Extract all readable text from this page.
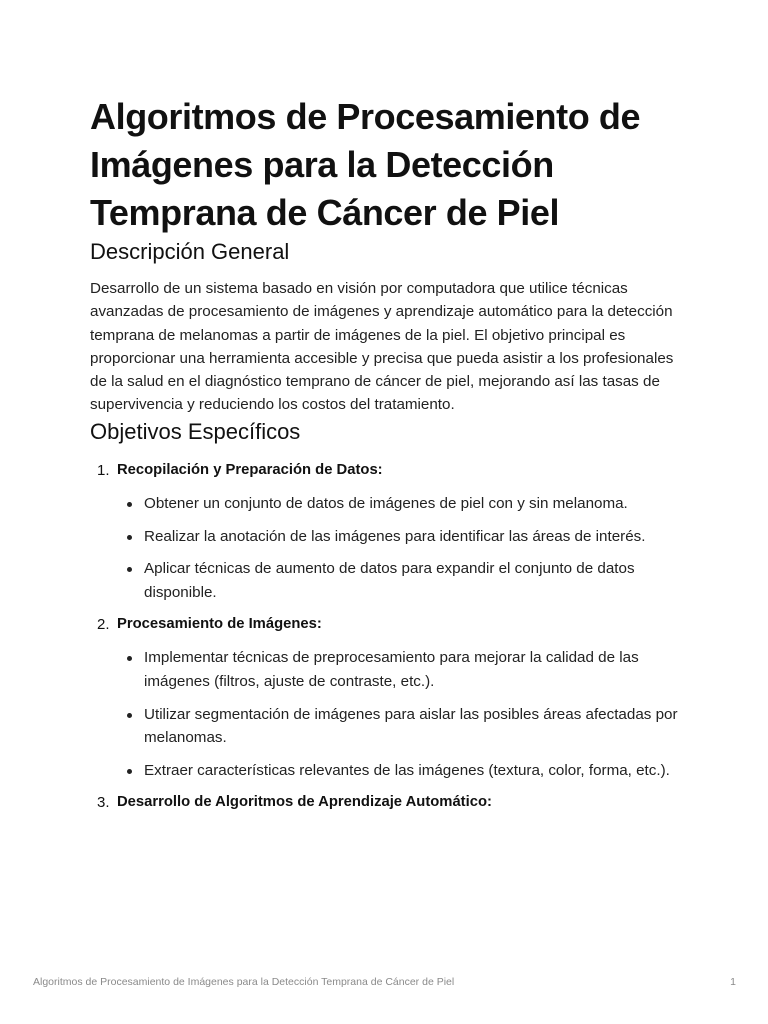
Algoritmos de Procesamiento de Imágenes para la Detección Temprana de Cáncer de Piel
Descripción General

Desarrollo de un sistema basado en visión por computadora que utilice técnicas avanzadas de procesamiento de imágenes y aprendizaje automático para la detección temprana de melanomas a partir de imágenes de la piel. El objetivo principal es proporcionar una herramienta accesible y precisa que pueda asistir a los profesionales de la salud en el diagnóstico temprano de cáncer de piel, mejorando así las tasas de supervivencia y reduciendo los costos del tratamiento.

Objetivos Específicos
1. Recopilación y Preparación de Datos:
Obtener un conjunto de datos de imágenes de piel con y sin melanoma.
Realizar la anotación de las imágenes para identificar las áreas de interés.
Aplicar técnicas de aumento de datos para expandir el conjunto de datos disponible.
2. Procesamiento de Imágenes:
Implementar técnicas de preprocesamiento para mejorar la calidad de las imágenes (filtros, ajuste de contraste, etc.).
Utilizar segmentación de imágenes para aislar las posibles áreas afectadas por melanomas.
Extraer características relevantes de las imágenes (textura, color, forma, etc.).
3. Desarrollo de Algoritmos de Aprendizaje Automático:
Algoritmos de Procesamiento de Imágenes para la Detección Temprana de Cáncer de Piel	1
